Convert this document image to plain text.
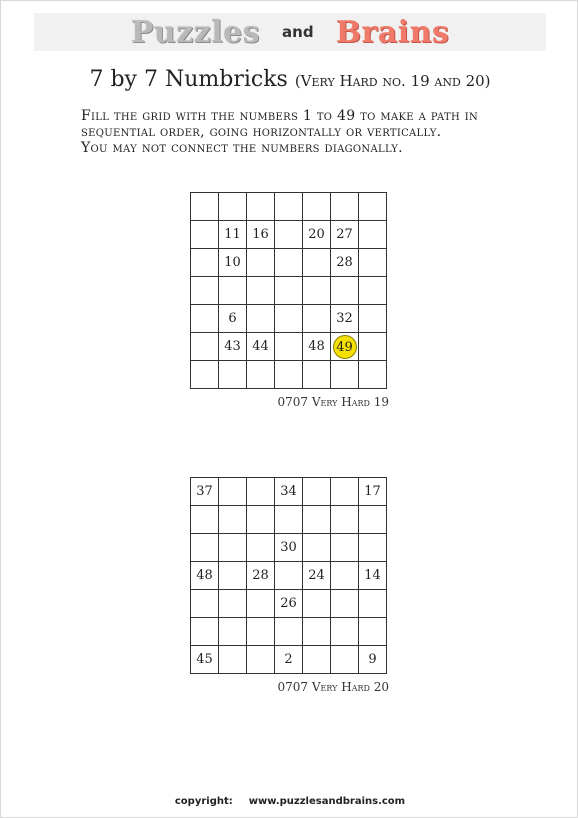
Puzzles and Brains
7 by 7 Numbricks (Very Hard no. 19 and 20)
Fill the grid with the numbers 1 to 49 to make a path in
sequential order, going horizontally or vertically.
You may not connect the numbers diagonally.

	11	16		20	27	
	10				28	

	6				32	
	43	44		48	49	

0707 Very Hard 19
37			34			17

			30			
48		28		24		14
			26			

45			2			9
0707 Very Hard 20
copyright: www.puzzlesandbrains.com
